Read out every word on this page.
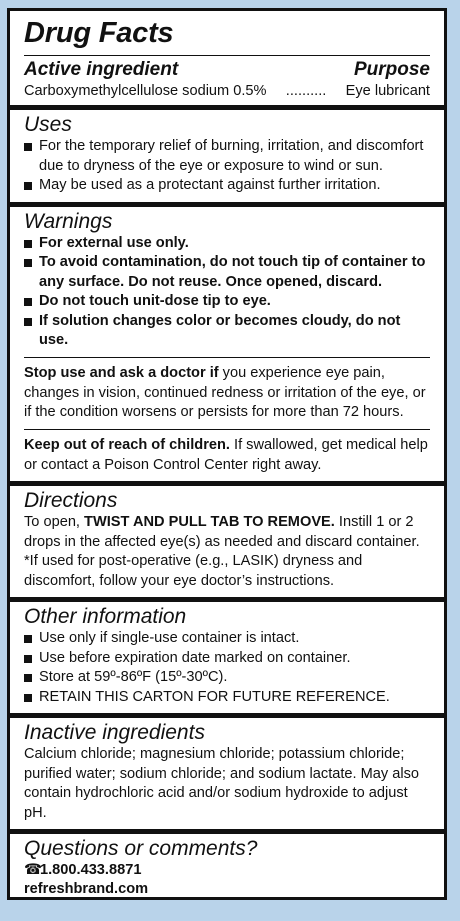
Drug Facts
Active ingredient	Purpose
Carboxymethylcellulose sodium 0.5%	..........	Eye lubricant
Uses
For the temporary relief of burning, irritation, and discomfort due to dryness of the eye or exposure to wind or sun.
May be used as a protectant against further irritation.
Warnings
For external use only.
To avoid contamination, do not touch tip of container to any surface. Do not reuse. Once opened, discard.
Do not touch unit-dose tip to eye.
If solution changes color or becomes cloudy, do not use.

Stop use and ask a doctor if you experience eye pain, changes in vision, continued redness or irritation of the eye, or if the condition worsens or persists for more than 72 hours.

Keep out of reach of children. If swallowed, get medical help or contact a Poison Control Center right away.

Directions

To open, TWIST AND PULL TAB TO REMOVE. Instill 1 or 2 drops in the affected eye(s) as needed and discard container.

*If used for post-operative (e.g., LASIK) dryness and discomfort, follow your eye doctor’s instructions.

Other information
Use only if single-use container is intact.
Use before expiration date marked on container.
Store at 59º-86ºF (15º-30ºC).
RETAIN THIS CARTON FOR FUTURE REFERENCE.
Inactive ingredients

Calcium chloride; magnesium chloride; potassium chloride; purified water; sodium chloride; and sodium lactate. May also contain hydrochloric acid and/or sodium hydroxide to adjust pH.

Questions or comments?
☎1.800.433.8871
refreshbrand.com
